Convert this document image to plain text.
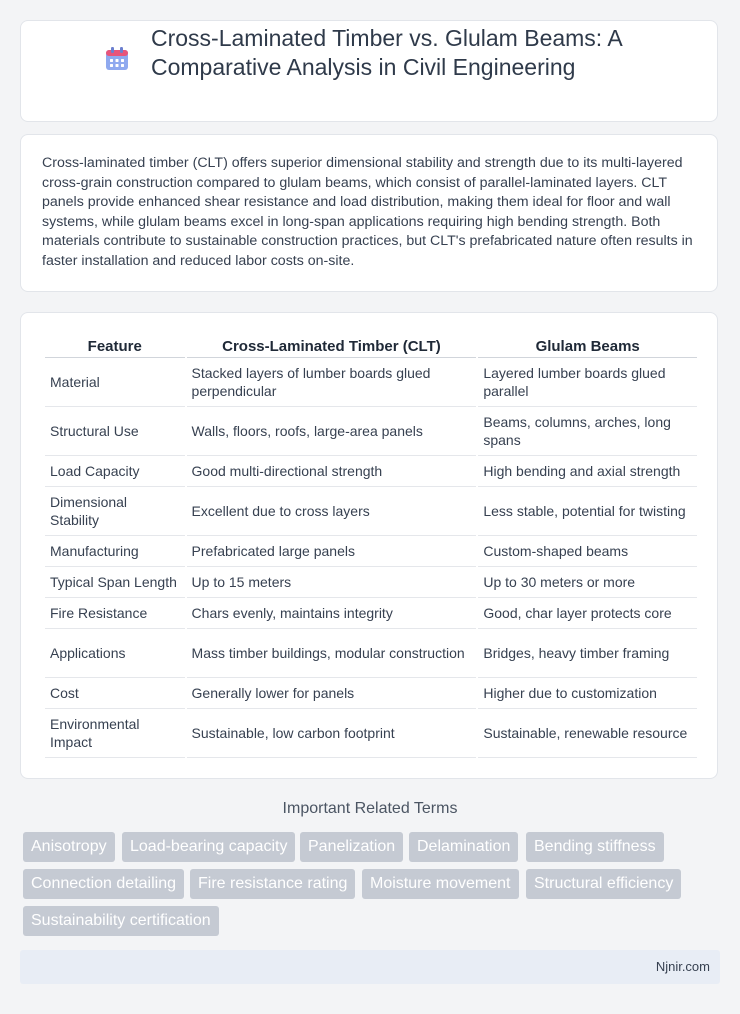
Cross-Laminated Timber vs. Glulam Beams: A Comparative Analysis in Civil Engineering

Cross-laminated timber (CLT) offers superior dimensional stability and strength due to its multi-layered cross-grain construction compared to glulam beams, which consist of parallel-laminated layers. CLT panels provide enhanced shear resistance and load distribution, making them ideal for floor and wall systems, while glulam beams excel in long-span applications requiring high bending strength. Both materials contribute to sustainable construction practices, but CLT's prefabricated nature often results in faster installation and reduced labor costs on-site.

Feature	Cross-Laminated Timber (CLT)	Glulam Beams
Material	Stacked layers of lumber boards glued perpendicular	Layered lumber boards glued parallel
Structural Use	Walls, floors, roofs, large-area panels	Beams, columns, arches, long spans
Load Capacity	Good multi-directional strength	High bending and axial strength
Dimensional Stability	Excellent due to cross layers	Less stable, potential for twisting
Manufacturing	Prefabricated large panels	Custom-shaped beams
Typical Span Length	Up to 15 meters	Up to 30 meters or more
Fire Resistance	Chars evenly, maintains integrity	Good, char layer protects core
Applications	Mass timber buildings, modular construction	Bridges, heavy timber framing
Cost	Generally lower for panels	Higher due to customization
Environmental Impact	Sustainable, low carbon footprint	Sustainable, renewable resource
Important Related Terms
Anisotropy	Load-bearing capacity	Panelization	Delamination	Bending stiffness
Connection detailing	Fire resistance rating	Moisture movement	Structural efficiency
Sustainability certification
Njnir.com
